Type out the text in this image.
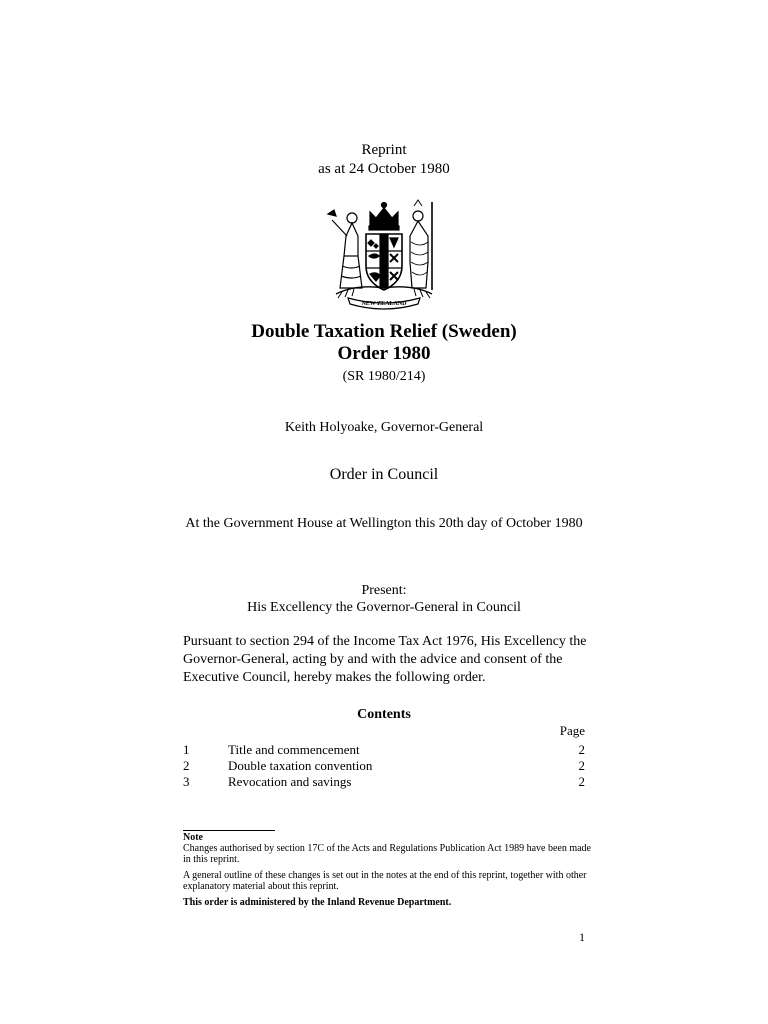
Reprint
as at 24 October 1980
NEW ZEALAND
Double Taxation Relief (Sweden)
Order 1980
(SR 1980/214)
Keith Holyoake, Governor-General
Order in Council
At the Government House at Wellington this 20th day of October 1980
Present:
His Excellency the Governor-General in Council
Pursuant to section 294 of the Income Tax Act 1976, His Excellency the Governor-General, acting by and with the advice and consent of the Executive Council, hereby makes the following order.
Contents
Page
1	Title and commencement	2
2	Double taxation convention	2
3	Revocation and savings	2
Note

Changes authorised by section 17C of the Acts and Regulations Publication Act 1989 have been made in this reprint.

A general outline of these changes is set out in the notes at the end of this reprint, together with other explanatory material about this reprint.

This order is administered by the Inland Revenue Department.

1
